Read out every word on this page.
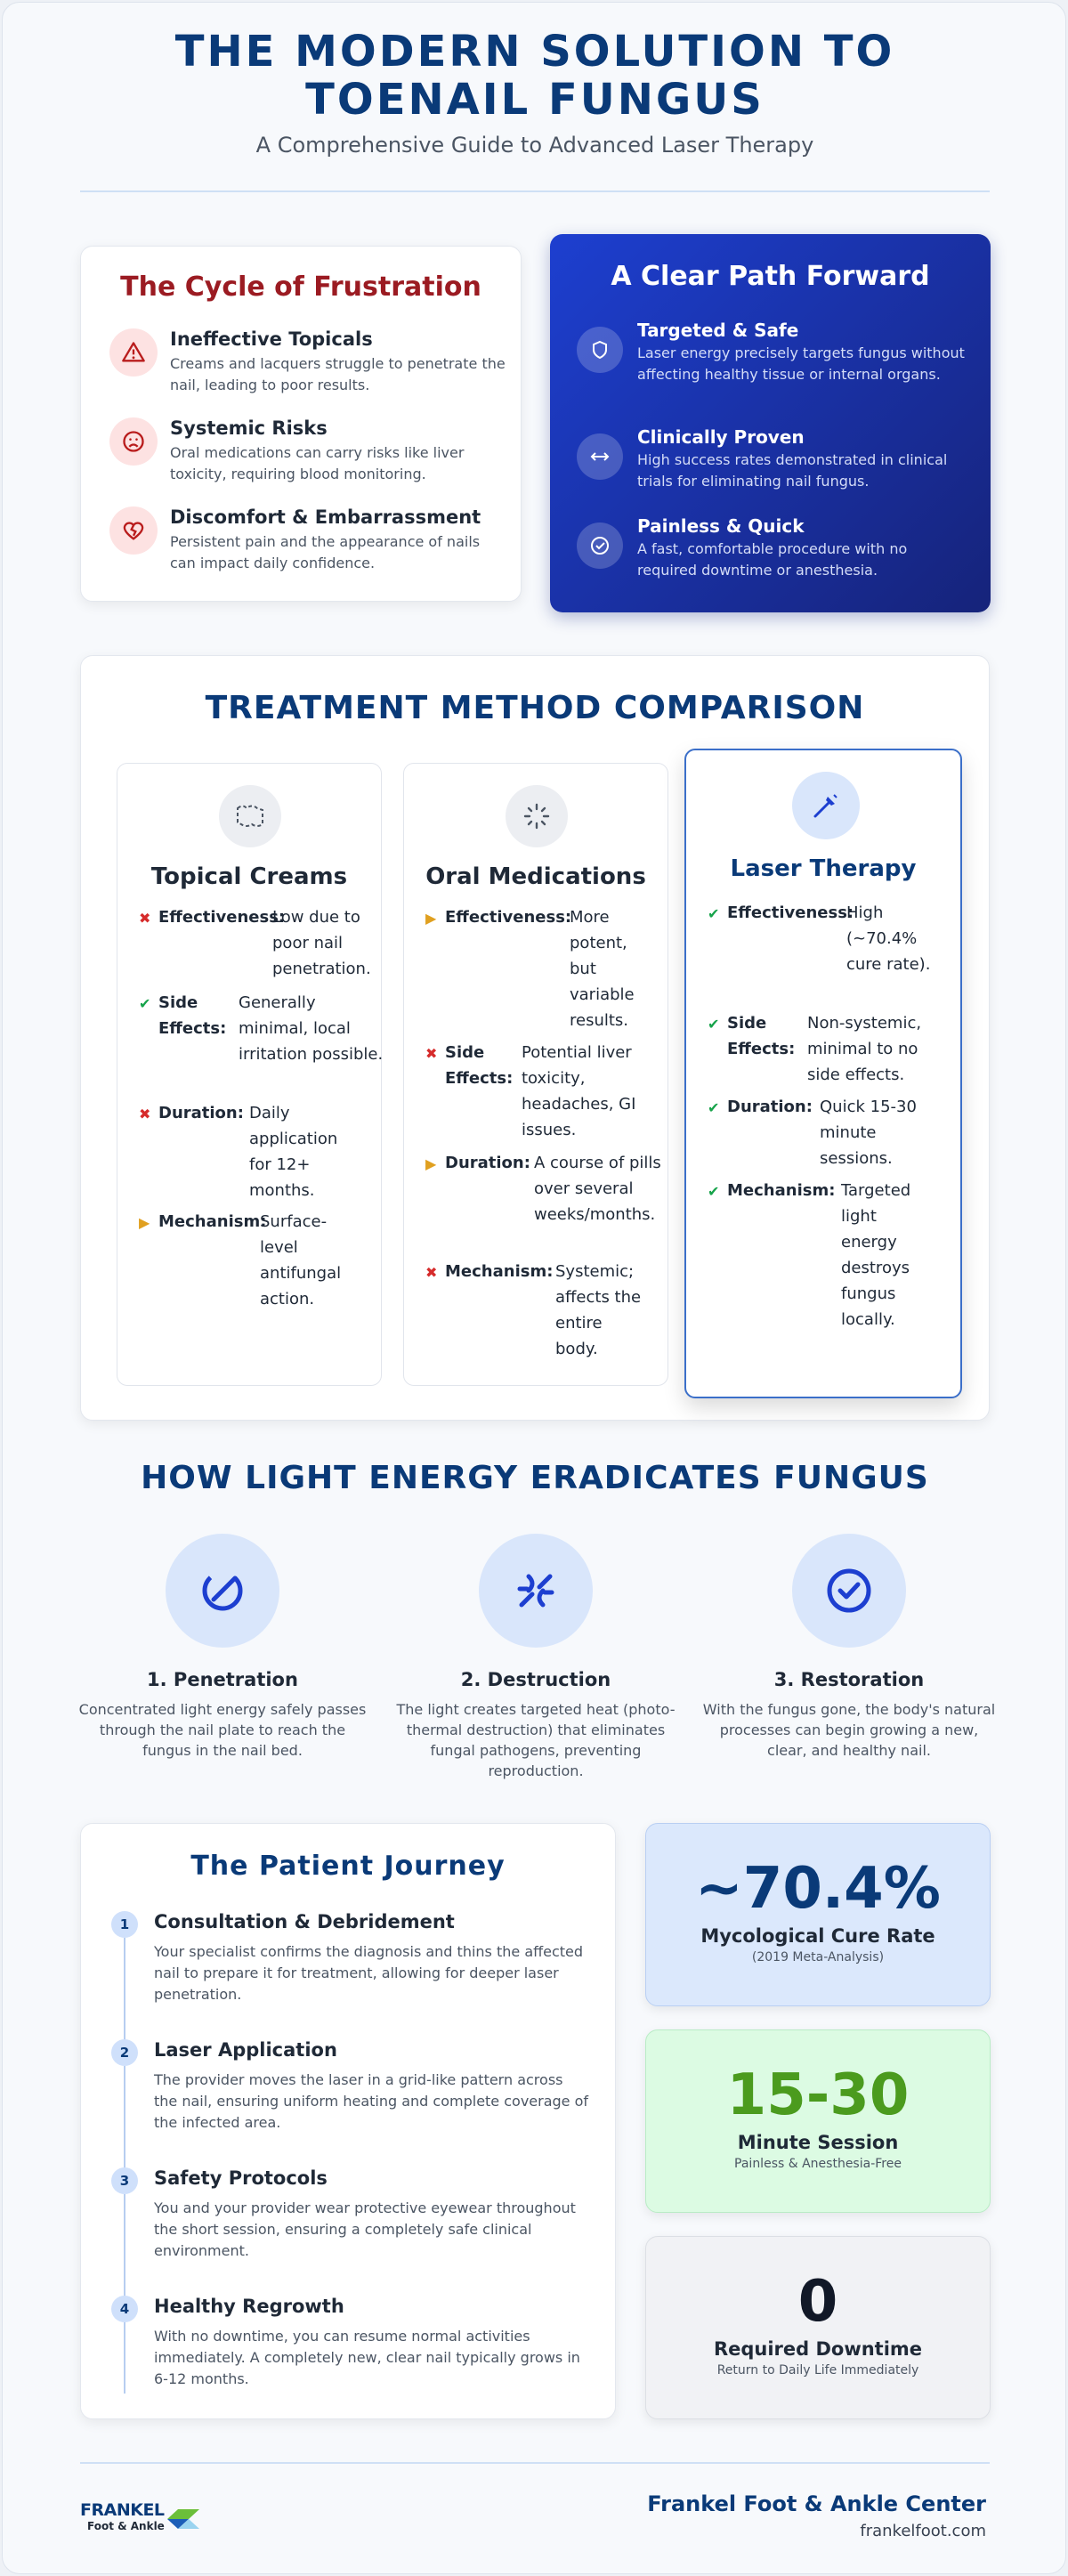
THE MODERN SOLUTION TO
TOENAIL FUNGUS
A Comprehensive Guide to Advanced Laser Therapy
The Cycle of Frustration
Ineffective Topicals
Creams and lacquers struggle to penetrate the nail, leading to poor results.
Systemic Risks
Oral medications can carry risks like liver toxicity, requiring blood monitoring.
Discomfort & Embarrassment
Persistent pain and the appearance of nails can impact daily confidence.
A Clear Path Forward
Targeted & Safe
Laser energy precisely targets fungus without affecting healthy tissue or internal organs.
Clinically Proven
High success rates demonstrated in clinical trials for eliminating nail fungus.
Painless & Quick
A fast, comfortable procedure with no required downtime or anesthesia.
TREATMENT METHOD COMPARISON
Topical Creams
✖ Effectiveness:
Low due to poor nail penetration.
✔ Side Effects:
Generally minimal, local irritation possible.
✖ Duration: Daily application for 12+ months.
▶ Mechanism:
Surface-level antifungal action.
Oral Medications
▶ Effectiveness:
More potent, but variable results.
✖ Side Effects:
Potential liver toxicity, headaches, GI issues.
▶ Duration: A course of pills over several weeks/months.
✖ Mechanism: Systemic; affects the entire body.
Laser Therapy
✔ Effectiveness:
High (~70.4% cure rate).
✔ Side Effects:
Non-systemic, minimal to no side effects.
✔ Duration: Quick 15-30 minute sessions.
✔ Mechanism: Targeted light energy destroys fungus locally.
HOW LIGHT ENERGY ERADICATES FUNGUS
1. Penetration
Concentrated light energy safely passes through the nail plate to reach the fungus in the nail bed.
2. Destruction
The light creates targeted heat (photo-thermal destruction) that eliminates fungal pathogens, preventing reproduction.
3. Restoration
With the fungus gone, the body's natural processes can begin growing a new, clear, and healthy nail.
The Patient Journey
1	Consultation & Debridement
Your specialist confirms the diagnosis and thins the affected nail to prepare it for treatment, allowing for deeper laser penetration.
2	Laser Application
The provider moves the laser in a grid-like pattern across the nail, ensuring uniform heating and complete coverage of the infected area.
3	Safety Protocols
You and your provider wear protective eyewear throughout the short session, ensuring a completely safe clinical environment.
4	Healthy Regrowth
With no downtime, you can resume normal activities immediately. A completely new, clear nail typically grows in 6-12 months.
~70.4%
Mycological Cure Rate
(2019 Meta-Analysis)
15-30
Minute Session
Painless & Anesthesia-Free
0
Required Downtime
Return to Daily Life Immediately
FRANKEL
Foot & Ankle
Frankel Foot & Ankle Center
frankelfoot.com
